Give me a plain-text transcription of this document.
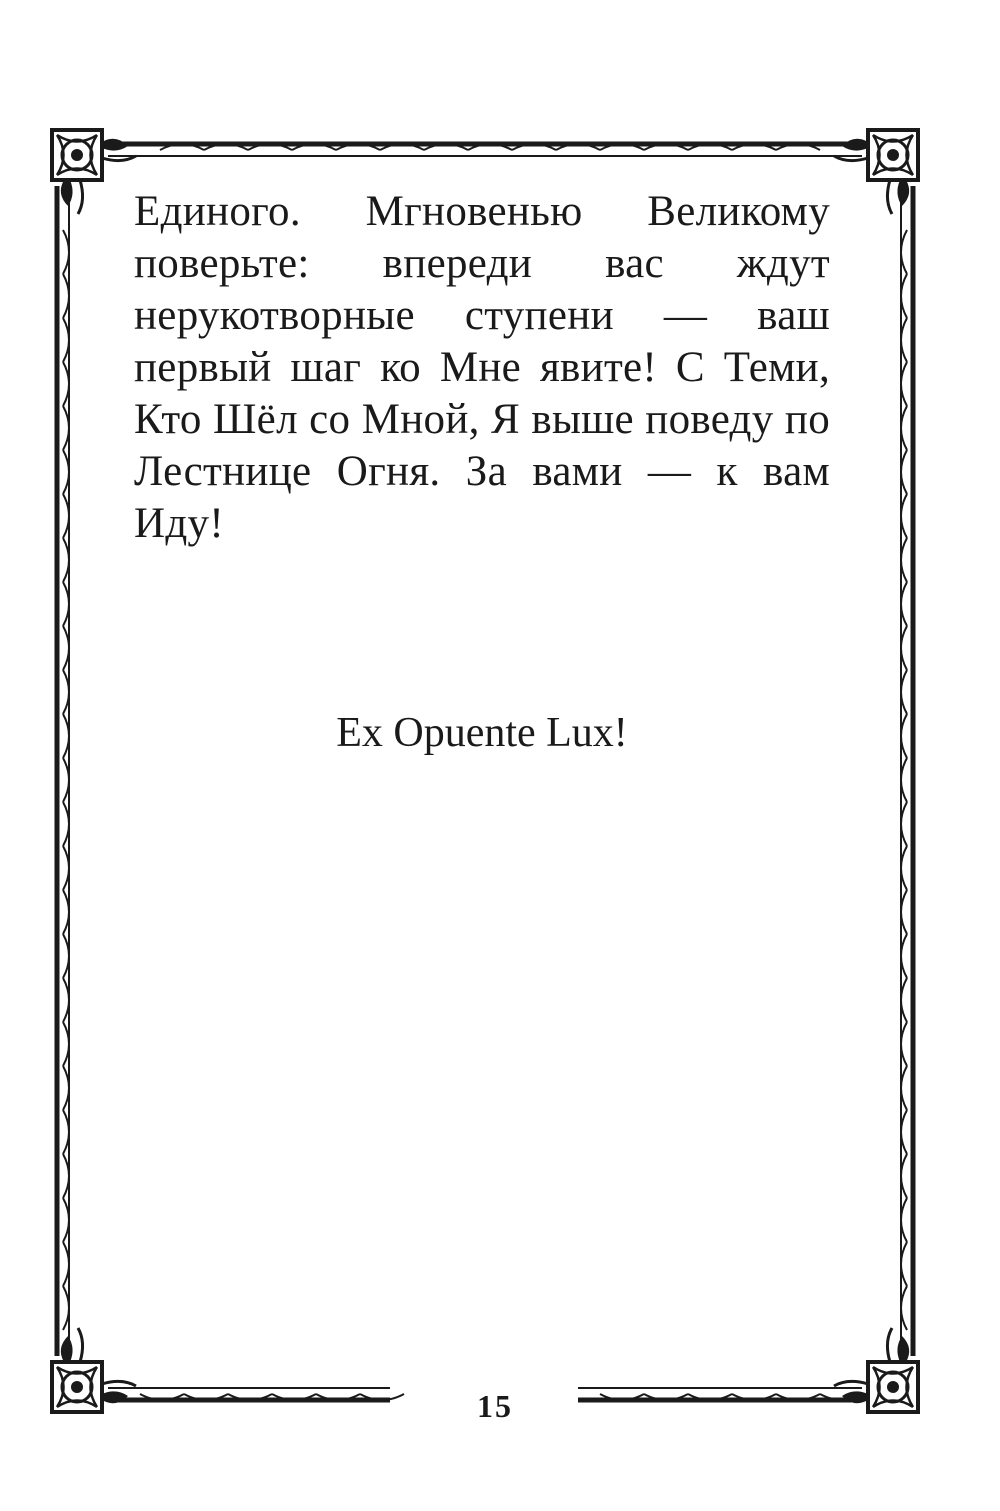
Единого. Мгновенью Великому поверьте: впереди вас ждут нерукотворные ступени — ваш первый шаг ко Мне явите! С Теми, Кто Шёл со Мной, Я выше поведу по Лестнице Огня. За вами — к вам Иду!

Ex Opuente Lux!

15
